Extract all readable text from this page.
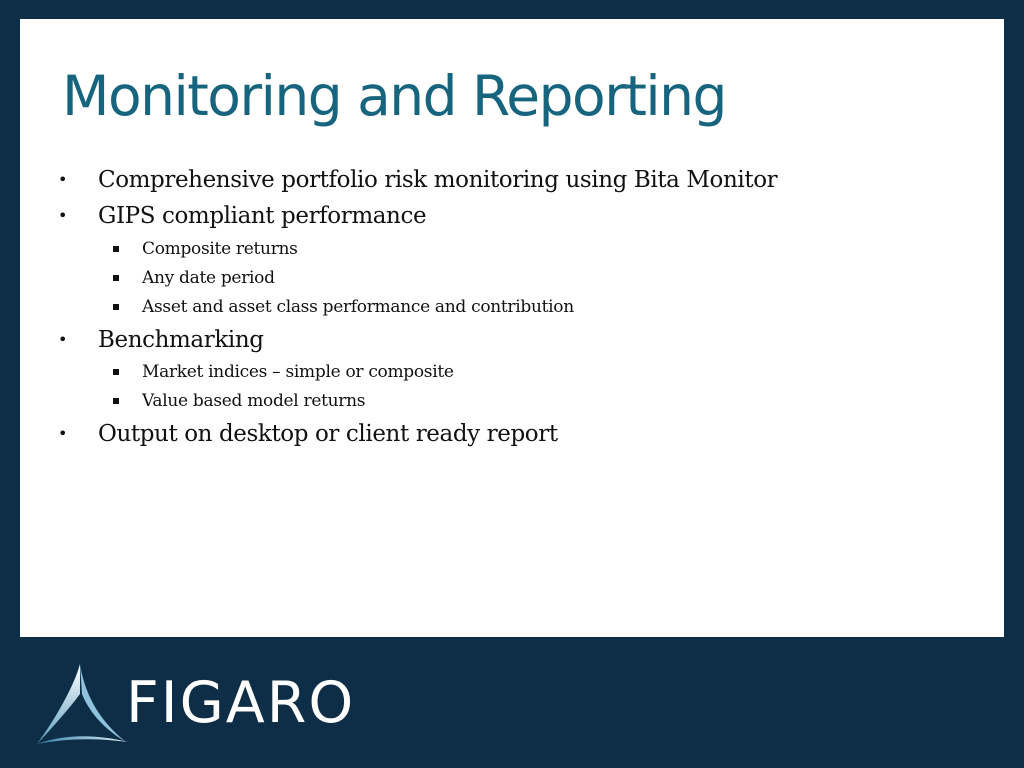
Monitoring and Reporting
• Comprehensive portfolio risk monitoring using Bita Monitor
• GIPS compliant performance
Composite returns
Any date period
Asset and asset class performance and contribution
• Benchmarking
Market indices – simple or composite
Value based model returns
• Output on desktop or client ready report
FIGARO
